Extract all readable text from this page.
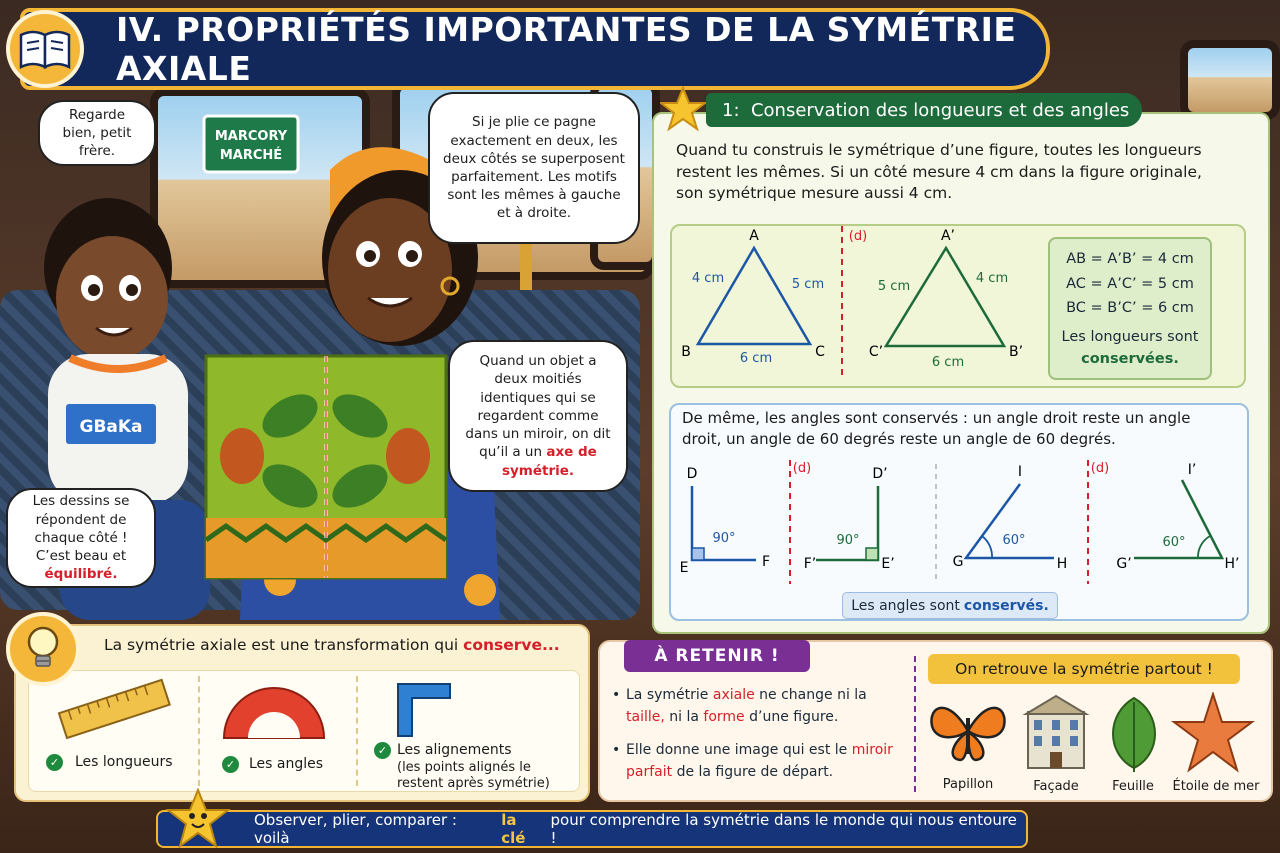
MARCORY
MARCHÉ
GBaKa
IV. PROPRIÉTÉS IMPORTANTES DE LA SYMÉTRIE AXIALE
Regarde bien, petit frère.
Si je plie ce pagne exactement en deux, les deux côtés se superposent parfaitement. Les motifs sont les mêmes à gauche et à droite.
Quand un objet a deux moitiés identiques qui se regardent comme dans un miroir, on dit qu’il a un axe de symétrie.
Les dessins se répondent de chaque côté ! C’est beau et équilibré.
1 : Conservation des longueurs et des angles
Quand tu construis le symétrique d’une figure, toutes les longueurs restent les mêmes. Si un côté mesure 4 cm dans la figure originale, son symétrique mesure aussi 4 cm.
A
B	C
4 cm	5 cm
6 cm
(d)	A’
C’	B’
5 cm
4 cm
6 cm
AB = A’B’ = 4 cm
AC = A’C’ = 5 cm
BC = B’C’ = 6 cm
Les longueurs sont
conservées.
De même, les angles sont conservés : un angle droit reste un angle droit, un angle de 60 degrés reste un angle de 60 degrés.
D
E	F
90°
(d)	D’
F’	E’
90°
I
G	H
60°
(d)	I’
G’	H’
60°
Les angles sont conservés.
La symétrie axiale est une transformation qui conserve...
✓ Les longueurs	✓ Les angles
✓ Les alignements
(les points alignés le restent après symétrie)
À RETENIR !
• La symétrie axiale ne change ni la taille, ni la forme d’une figure.
• Elle donne une image qui est le miroir parfait de la figure de départ.
On retrouve la symétrie partout !
Papillon	Façade	Feuille	Étoile de mer
Observer, plier, comparer : voilà

la clé

pour comprendre la symétrie dans le monde qui nous entoure !
